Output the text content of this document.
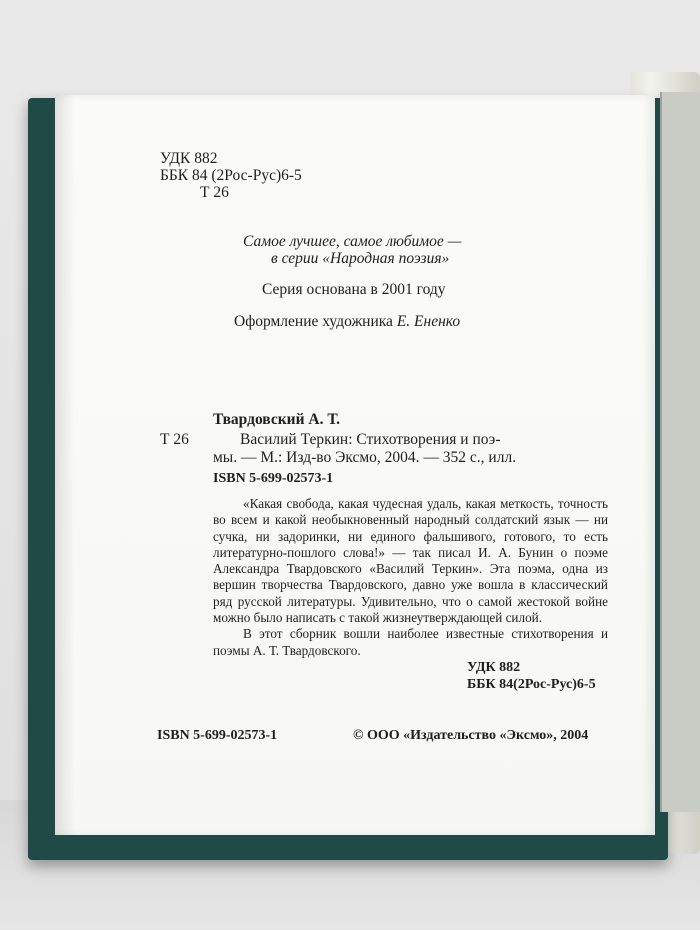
УДК 882
ББК 84 (2Рос-Рус)6-5
Т 26
Самое лучшее, самое любимое —
в серии «Народная поэзия»
Серия основана в 2001 году
Оформление художника Е. Ененко
Твардовский А. Т.
Т 26	Василий Теркин: Стихотворения и поэ-
мы. — М.: Изд-во Эксмо, 2004. — 352 с., илл.
ISBN 5-699-02573-1

«Какая свобода, какая чудесная удаль, какая меткость, точность во всем и какой необыкновенный народный солдатский язык — ни сучка, ни задоринки, ни единого фальшивого, готового, то есть литературно-пошлого слова!» — так писал И. А. Бунин о поэме Александра Твардовского «Василий Теркин». Эта поэма, одна из вершин творчества Твардовского, давно уже вошла в классический ряд русской литературы. Удивительно, что о самой жестокой войне можно было написать с такой жизнеутверждающей силой.

В этот сборник вошли наиболее известные стихотворения и поэмы А. Т. Твардовского.

УДК 882
ББК 84(2Рос-Рус)6-5
ISBN 5-699-02573-1	© ООО «Издательство «Эксмо», 2004
